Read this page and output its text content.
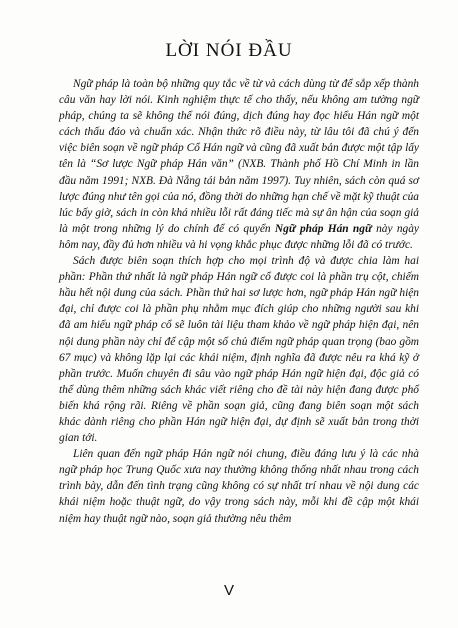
LỜI NÓI ĐẦU

Ngữ pháp là toàn bộ những quy tắc về từ và cách dùng từ để sắp xếp thành câu văn hay lời nói. Kinh nghiệm thực tế cho thấy, nếu không am tường ngữ pháp, chúng ta sẽ không thể nói đúng, dịch đúng hay đọc hiểu Hán ngữ một cách thấu đáo và chuẩn xác. Nhận thức rõ điều này, từ lâu tôi đã chú ý đến việc biên soạn về ngữ pháp Cổ Hán ngữ và cũng đã xuất bản được một tập lấy tên là “Sơ lược Ngữ pháp Hán văn” (NXB. Thành phố Hồ Chí Minh in lần đầu năm 1991; NXB. Đà Nẵng tái bản năm 1997). Tuy nhiên, sách còn quá sơ lược đúng như tên gọi của nó, đồng thời do những hạn chế về mặt kỹ thuật của lúc bấy giờ, sách in còn khá nhiều lỗi rất đáng tiếc mà sự ân hận của soạn giả là một trong những lý do chính để có quyển Ngữ pháp Hán ngữ này ngày hôm nay, đầy đủ hơn nhiều và hi vọng khắc phục được những lỗi đã có trước.

Sách được biên soạn thích hợp cho mọi trình độ và được chia làm hai phần: Phần thứ nhất là ngữ pháp Hán ngữ cổ được coi là phần trụ cột, chiếm hầu hết nội dung của sách. Phần thứ hai sơ lược hơn, ngữ pháp Hán ngữ hiện đại, chỉ được coi là phần phụ nhằm mục đích giúp cho những người sau khi đã am hiểu ngữ pháp cổ sẽ luôn tài liệu tham khảo về ngữ pháp hiện đại, nên nội dung phần này chỉ để cập một số chủ điểm ngữ pháp quan trọng (bao gồm 67 mục) và không lặp lại các khái niệm, định nghĩa đã được nêu ra khá kỹ ở phần trước. Muốn chuyên đi sâu vào ngữ pháp Hán ngữ hiện đại, độc giả có thể dùng thêm những sách khác viết riêng cho đề tài này hiện đang được phổ biến khá rộng rãi. Riêng về phần soạn giả, cũng đang biên soạn một sách khác dành riêng cho phần Hán ngữ hiện đại, dự định sẽ xuất bản trong thời gian tới.

Liên quan đến ngữ pháp Hán ngữ nói chung, điều đáng lưu ý là các nhà ngữ pháp học Trung Quốc xưa nay thường không thống nhất nhau trong cách trình bày, dẫn đến tình trạng cũng không có sự nhất trí nhau về nội dung các khái niệm hoặc thuật ngữ, do vậy trong sách này, mỗi khi đề cập một khái niệm hay thuật ngữ nào, soạn giả thường nêu thêm

V
